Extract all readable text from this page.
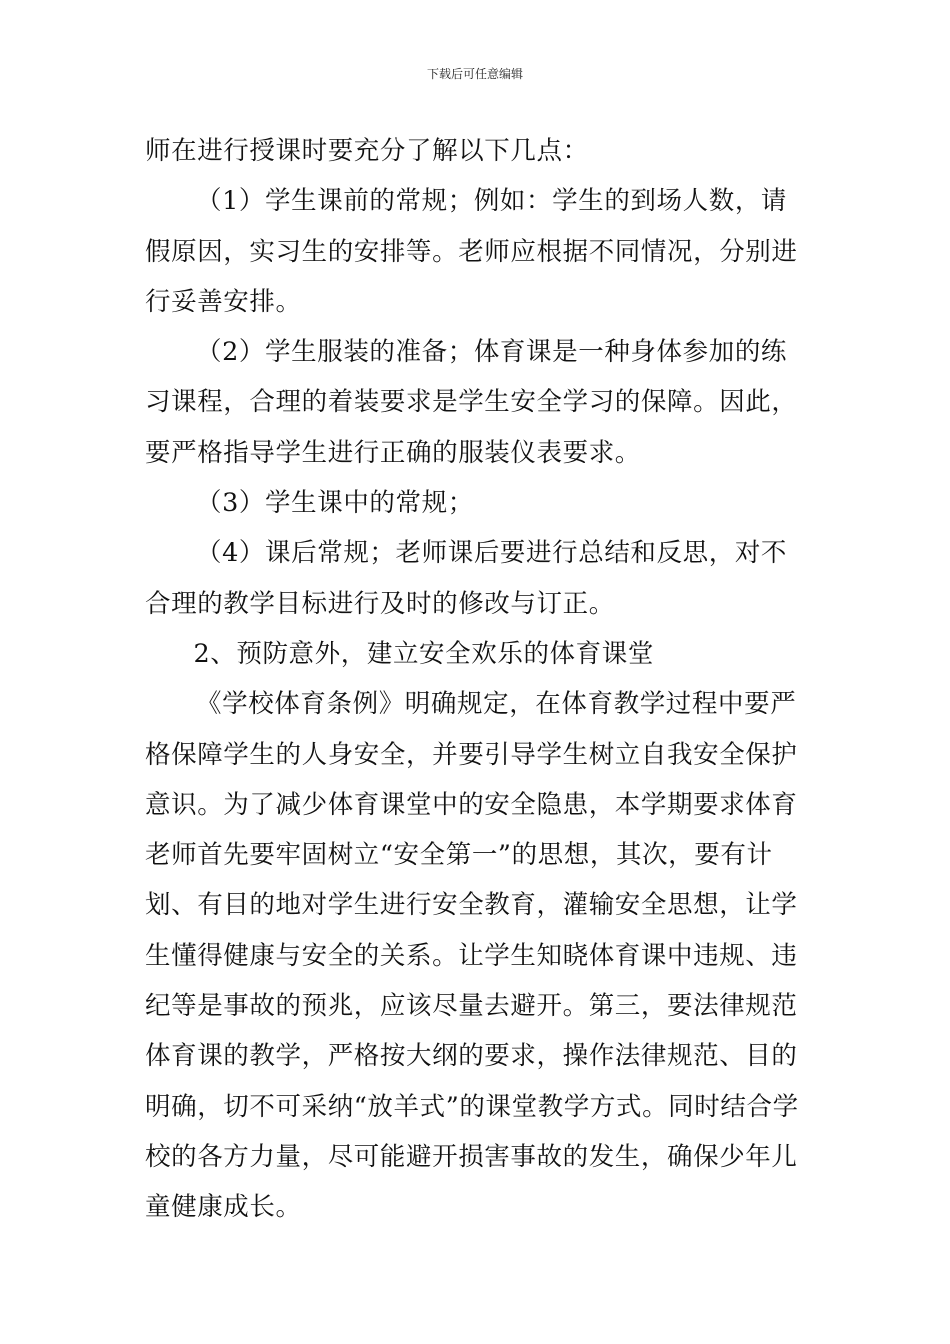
下载后可任意编辑

师在进行授课时要充分了解以下几点：

（1）学生课前的常规；例如：学生的到场人数，请假原因，实习生的安排等。老师应根据不同情况，分别进行妥善安排。

（2）学生服装的准备；体育课是一种身体参加的练习课程，合理的着装要求是学生安全学习的保障。因此，要严格指导学生进行正确的服装仪表要求。

（3）学生课中的常规；

（4）课后常规；老师课后要进行总结和反思，对不合理的教学目标进行及时的修改与订正。

2、预防意外，建立安全欢乐的体育课堂

《学校体育条例》明确规定，在体育教学过程中要严格保障学生的人身安全，并要引导学生树立自我安全保护意识。为了减少体育课堂中的安全隐患，本学期要求体育老师首先要牢固树立“安全第一”的思想，其次，要有计划、有目的地对学生进行安全教育，灌输安全思想，让学生懂得健康与安全的关系。让学生知晓体育课中违规、违纪等是事故的预兆，应该尽量去避开。第三，要法律规范体育课的教学，严格按大纲的要求，操作法律规范、目的明确，切不可采纳“放羊式”的课堂教学方式。同时结合学校的各方力量，尽可能避开损害事故的发生，确保少年儿童健康成长。
